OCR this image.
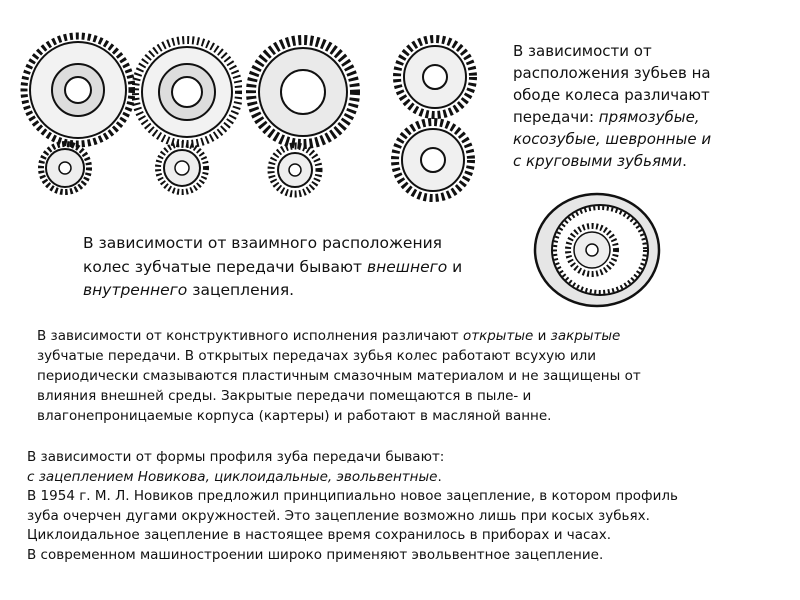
В зависимости от
расположения зубьев на
ободе колеса различают
передачи: прямозубые,
косозубые, шевронные и
с круговыми зубьями.
В зависимости от взаимного расположения
колес зубчатые передачи бывают внешнего и
внутреннего зацепления.
В зависимости от конструктивного исполнения различают открытые и закрытые
зубчатые передачи. В открытых передачах зубья колес работают всухую или
периодически смазываются пластичным смазочным материалом и не защищены от
влияния внешней среды. Закрытые передачи помещаются в пыле- и
влагонепроницаемые корпуса (картеры) и работают в масляной ванне.
В зависимости от формы профиля зуба передачи бывают:
с зацеплением Новикова, циклоидальные, эвольвентные.
В 1954 г. М. Л. Новиков предложил принципиально новое зацепление, в котором профиль
зуба очерчен дугами окружностей. Это зацепление возможно лишь при косых зубьях.
Циклоидальное зацепление в настоящее время сохранилось в приборах и часах.
В современном машиностроении широко применяют эвольвентное зацепление.
